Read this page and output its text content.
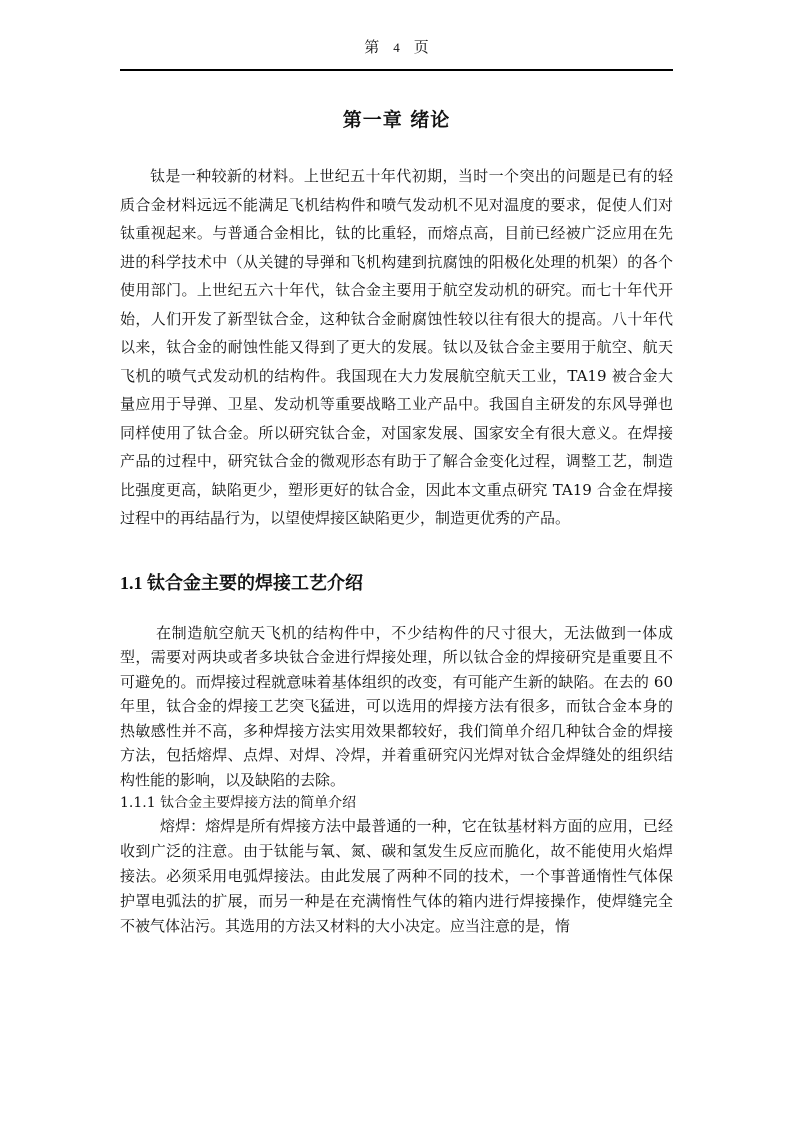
第 4 页
第一章 绪论

钛是一种较新的材料。上世纪五十年代初期，当时一个突出的问题是已有的轻质合金材料远远不能满足飞机结构件和喷气发动机不见对温度的要求，促使人们对钛重视起来。与普通合金相比，钛的比重轻，而熔点高，目前已经被广泛应用在先进的科学技术中（从关键的导弹和飞机构建到抗腐蚀的阳极化处理的机架）的各个使用部门。上世纪五六十年代，钛合金主要用于航空发动机的研究。而七十年代开始，人们开发了新型钛合金，这种钛合金耐腐蚀性较以往有很大的提高。八十年代以来，钛合金的耐蚀性能又得到了更大的发展。钛以及钛合金主要用于航空、航天飞机的喷气式发动机的结构件。我国现在大力发展航空航天工业，TA19 被合金大量应用于导弹、卫星、发动机等重要战略工业产品中。我国自主研发的东风导弹也同样使用了钛合金。所以研究钛合金，对国家发展、国家安全有很大意义。在焊接产品的过程中，研究钛合金的微观形态有助于了解合金变化过程，调整工艺，制造比强度更高，缺陷更少，塑形更好的钛合金，因此本文重点研究 TA19 合金在焊接过程中的再结晶行为，以望使焊接区缺陷更少，制造更优秀的产品。

1.1 钛合金主要的焊接工艺介绍

在制造航空航天飞机的结构件中，不少结构件的尺寸很大，无法做到一体成型，需要对两块或者多块钛合金进行焊接处理，所以钛合金的焊接研究是重要且不可避免的。而焊接过程就意味着基体组织的改变，有可能产生新的缺陷。在去的 60 年里，钛合金的焊接工艺突飞猛进，可以选用的焊接方法有很多，而钛合金本身的热敏感性并不高，多种焊接方法实用效果都较好，我们简单介绍几种钛合金的焊接方法，包括熔焊、点焊、对焊、冷焊，并着重研究闪光焊对钛合金焊缝处的组织结构性能的影响，以及缺陷的去除。

1.1.1 钛合金主要焊接方法的简单介绍

熔焊：熔焊是所有焊接方法中最普通的一种，它在钛基材料方面的应用，已经收到广泛的注意。由于钛能与氧、氮、碳和氢发生反应而脆化，故不能使用火焰焊接法。必须采用电弧焊接法。由此发展了两种不同的技术，一个事普通惰性气体保护罩电弧法的扩展，而另一种是在充满惰性气体的箱内进行焊接操作，使焊缝完全不被气体沾污。其选用的方法又材料的大小决定。应当注意的是，惰
